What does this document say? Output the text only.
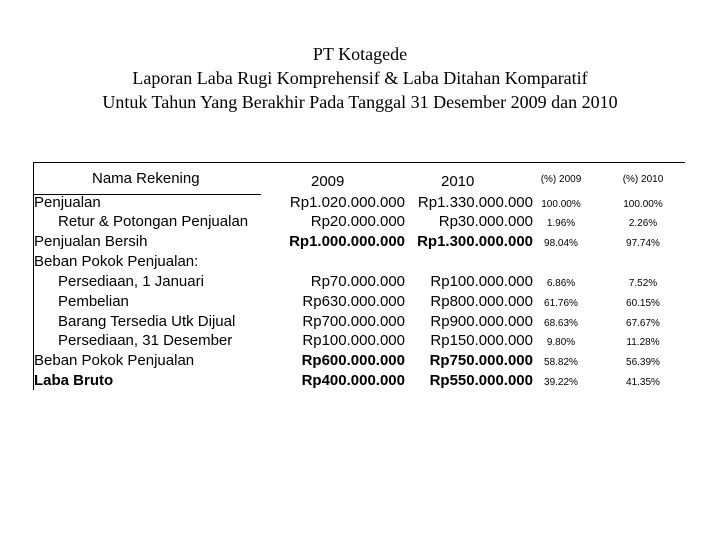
PT Kotagede
Laporan Laba Rugi Komprehensif & Laba Ditahan Komparatif
Untuk Tahun Yang Berakhir Pada Tanggal 31 Desember 2009 dan 2010
Nama Rekening	2009	2010	(%) 2009	(%) 2010
Penjualan	Rp1.020.000.000 Rp1.330.000.000 100.00%	100.00%
Retur & Potongan Penjualan	Rp20.000.000	Rp30.000.000	1.96%	2.26%
Penjualan Bersih	Rp1.000.000.000 Rp1.300.000.000	98.04%	97.74%
Beban Pokok Penjualan:
Persediaan, 1 Januari	Rp70.000.000	Rp100.000.000	6.86%	7.52%
Pembelian	Rp630.000.000	Rp800.000.000	61.76%	60.15%
Barang Tersedia Utk Dijual	Rp700.000.000	Rp900.000.000	68.63%	67.67%
Persediaan, 31 Desember	Rp100.000.000	Rp150.000.000	9.80%	11.28%
Beban Pokok Penjualan	Rp600.000.000	Rp750.000.000	58.82%	56.39%
Laba Bruto	Rp400.000.000	Rp550.000.000	39.22%	41.35%
